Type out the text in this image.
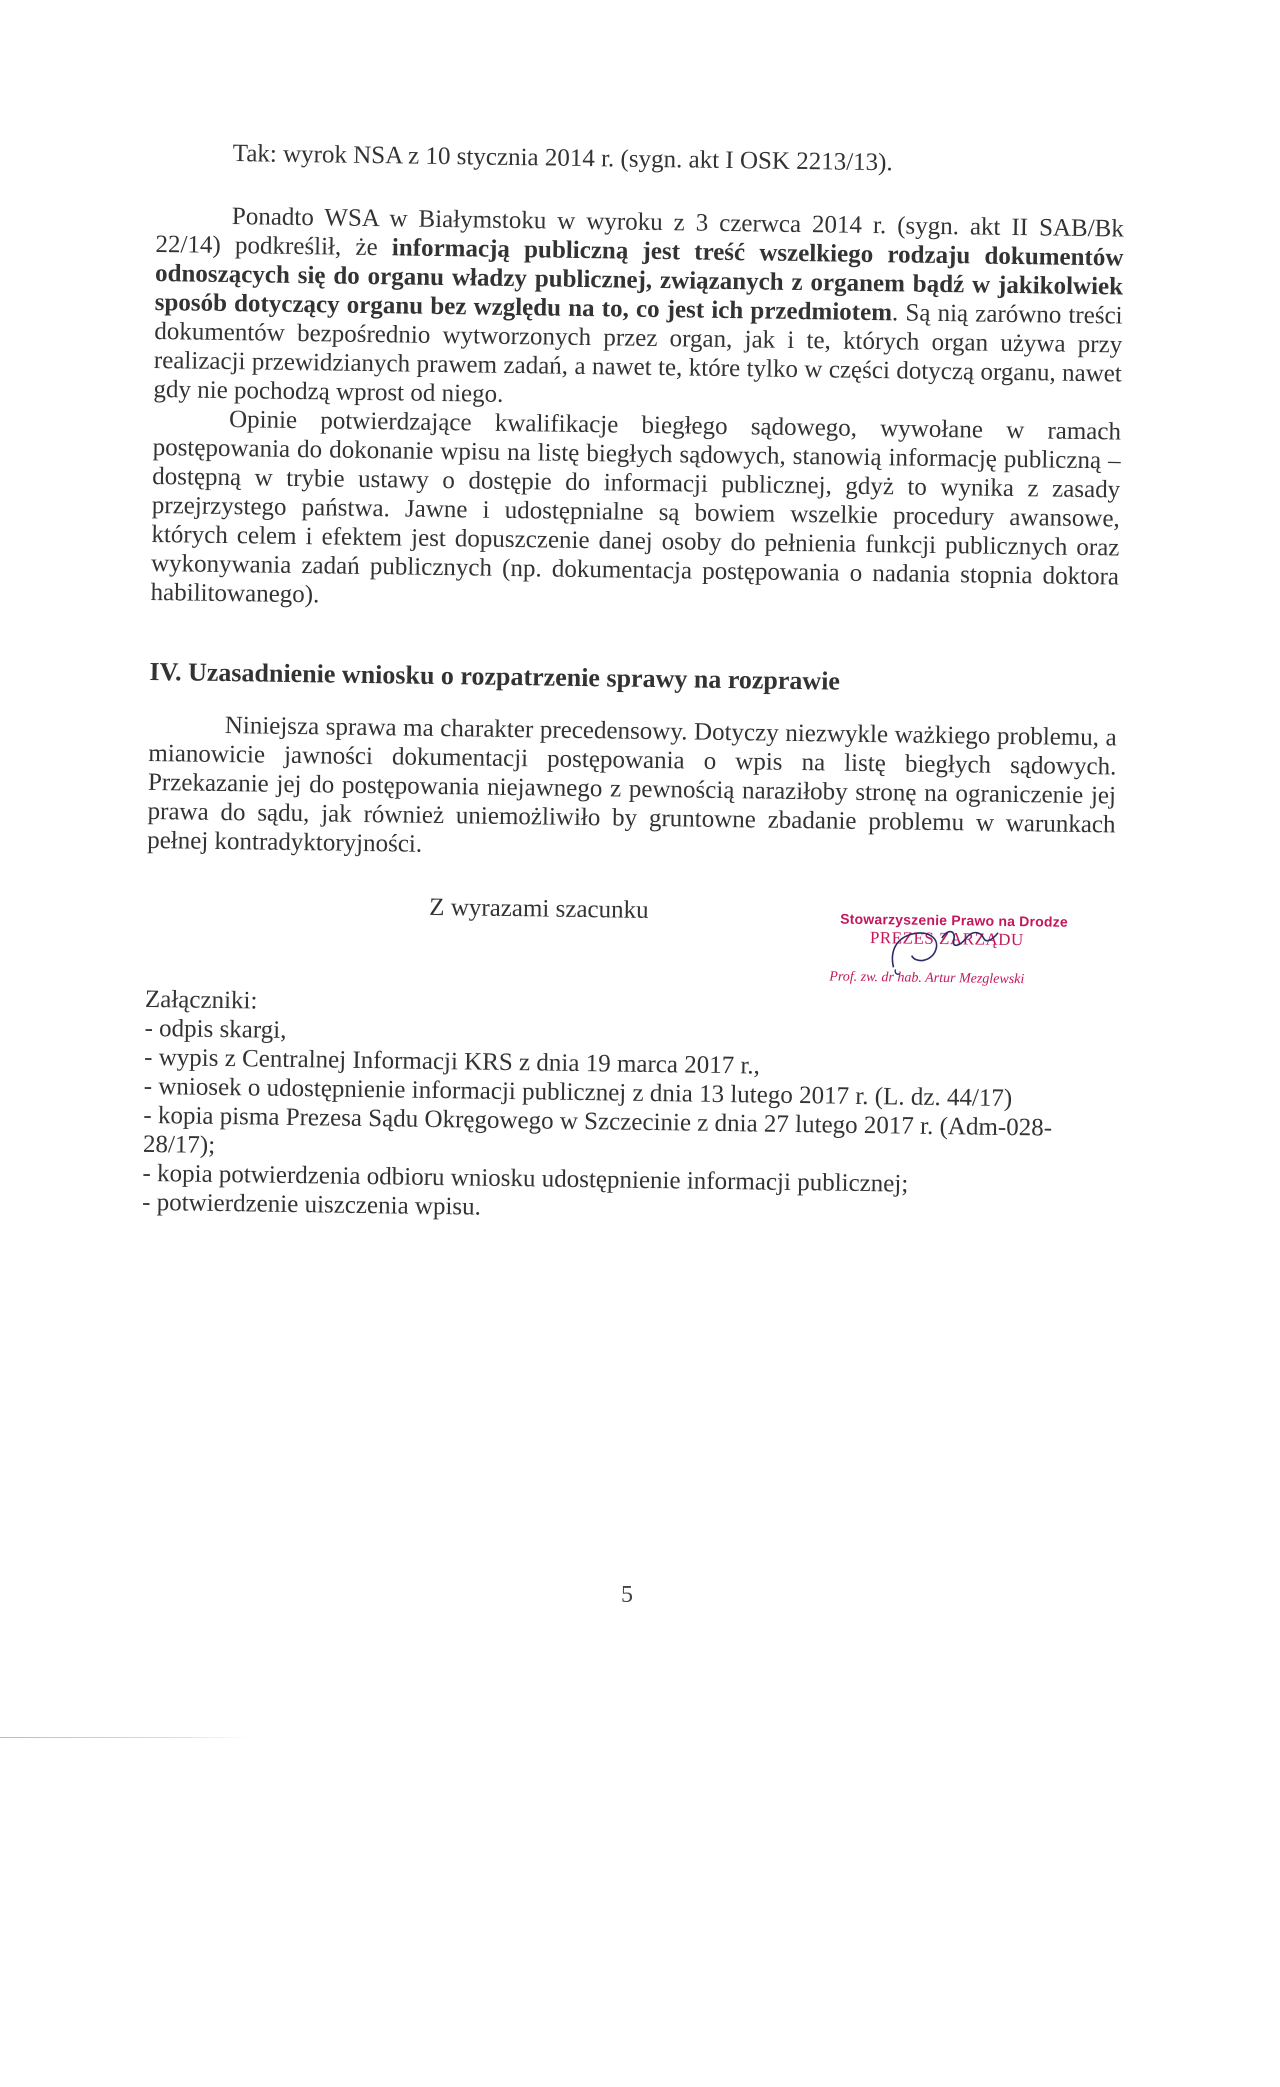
Tak: wyrok NSA z 10 stycznia 2014 r. (sygn. akt I OSK 2213/13).

Ponadto WSA w Białymstoku w wyroku z 3 czerwca 2014 r. (sygn. akt II SAB/Bk 22/14) podkreślił, że informacją publiczną jest treść wszelkiego rodzaju dokumentów odnoszących się do organu władzy publicznej, związanych z organem bądź w jakikolwiek sposób dotyczący organu bez względu na to, co jest ich przedmiotem. Są nią zarówno treści dokumentów bezpośrednio wytworzonych przez organ, jak i te, których organ używa przy realizacji przewidzianych prawem zadań, a nawet te, które tylko w części dotyczą organu, nawet gdy nie pochodzą wprost od niego.

Opinie potwierdzające kwalifikacje biegłego sądowego, wywołane w ramach postępowania do dokonanie wpisu na listę biegłych sądowych, stanowią informację publiczną – dostępną w trybie ustawy o dostępie do informacji publicznej, gdyż to wynika z zasady przejrzystego państwa. Jawne i udostępnialne są bowiem wszelkie procedury awansowe, których celem i efektem jest dopuszczenie danej osoby do pełnienia funkcji publicznych oraz wykonywania zadań publicznych (np. dokumentacja postępowania o nadania stopnia doktora habilitowanego).

IV. Uzasadnienie wniosku o rozpatrzenie sprawy na rozprawie

Niniejsza sprawa ma charakter precedensowy. Dotyczy niezwykle ważkiego problemu, a mianowicie jawności dokumentacji postępowania o wpis na listę biegłych sądowych. Przekazanie jej do postępowania niejawnego z pewnością naraziłoby stronę na ograniczenie jej prawa do sądu, jak również uniemożliwiło by gruntowne zbadanie problemu w warunkach pełnej kontradyktoryjności.

Z wyrazami szacunku	Stowarzyszenie Prawo na Drodze
PREZES ZARZĄDU
Prof. zw. dr hab. Artur Mezglewski
Załączniki:
- odpis skargi,
- wypis z Centralnej Informacji KRS z dnia 19 marca 2017 r.,
- wniosek o udostępnienie informacji publicznej z dnia 13 lutego 2017 r. (L. dz. 44/17)
- kopia pisma Prezesa Sądu Okręgowego w Szczecinie z dnia 27 lutego 2017 r. (Adm-028-28/17);
- kopia potwierdzenia odbioru wniosku udostępnienie informacji publicznej;
- potwierdzenie uiszczenia wpisu.
5
